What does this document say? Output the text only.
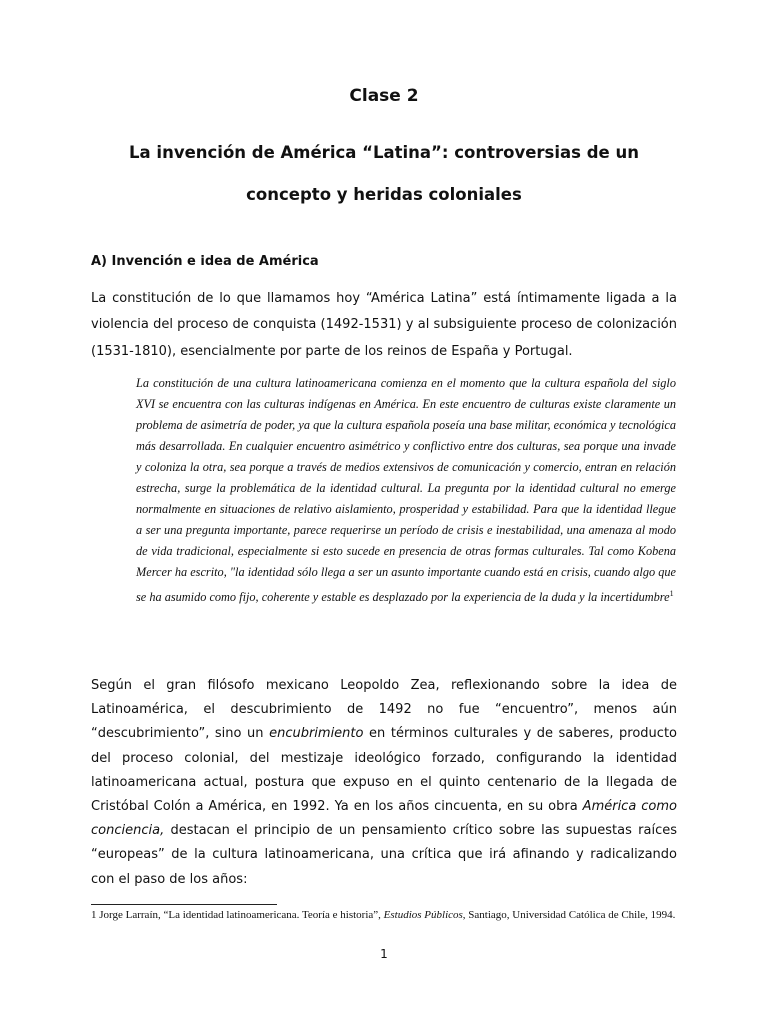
Clase 2
La invención de América “Latina”: controversias de un concepto y heridas coloniales
A) Invención e idea de América

La constitución de lo que llamamos hoy “América Latina” está íntimamente ligada a la violencia del proceso de conquista (1492-1531) y al subsiguiente proceso de colonización (1531-1810), esencialmente por parte de los reinos de España y Portugal.

La constitución de una cultura latinoamericana comienza en el momento que la cultura española del siglo XVI se encuentra con las culturas indígenas en América. En este encuentro de culturas existe claramente un problema de asimetría de poder, ya que la cultura española poseía una base militar, económica y tecnológica más desarrollada. En cualquier encuentro asimétrico y conflictivo entre dos culturas, sea porque una invade y coloniza la otra, sea porque a través de medios extensivos de comunicación y comercio, entran en relación estrecha, surge la problemática de la identidad cultural. La pregunta por la identidad cultural no emerge normalmente en situaciones de relativo aislamiento, prosperidad y estabilidad. Para que la identidad llegue a ser una pregunta importante, parece requerirse un período de crisis e inestabilidad, una amenaza al modo de vida tradicional, especialmente si esto sucede en presencia de otras formas culturales. Tal como Kobena Mercer ha escrito, "la identidad sólo llega a ser un asunto importante cuando está en crisis, cuando algo que se ha asumido como fijo, coherente y estable es desplazado por la experiencia de la duda y la incertidumbre$^1$

Según el gran filósofo mexicano Leopoldo Zea, reflexionando sobre la idea de Latinoamérica, el descubrimiento de 1492 no fue “encuentro”, menos aún “descubrimiento”, sino un encubrimiento en términos culturales y de saberes, producto del proceso colonial, del mestizaje ideológico forzado, configurando la identidad latinoamericana actual, postura que expuso en el quinto centenario de la llegada de Cristóbal Colón a América, en 1992. Ya en los años cincuenta, en su obra América como conciencia, destacan el principio de un pensamiento crítico sobre las supuestas raíces “europeas” de la cultura latinoamericana, una crítica que irá afinando y radicalizando con el paso de los años:

1 Jorge Larraín, “La identidad latinoamericana. Teoría e historia”, Estudios Públicos, Santiago, Universidad Católica de Chile, 1994.

1
